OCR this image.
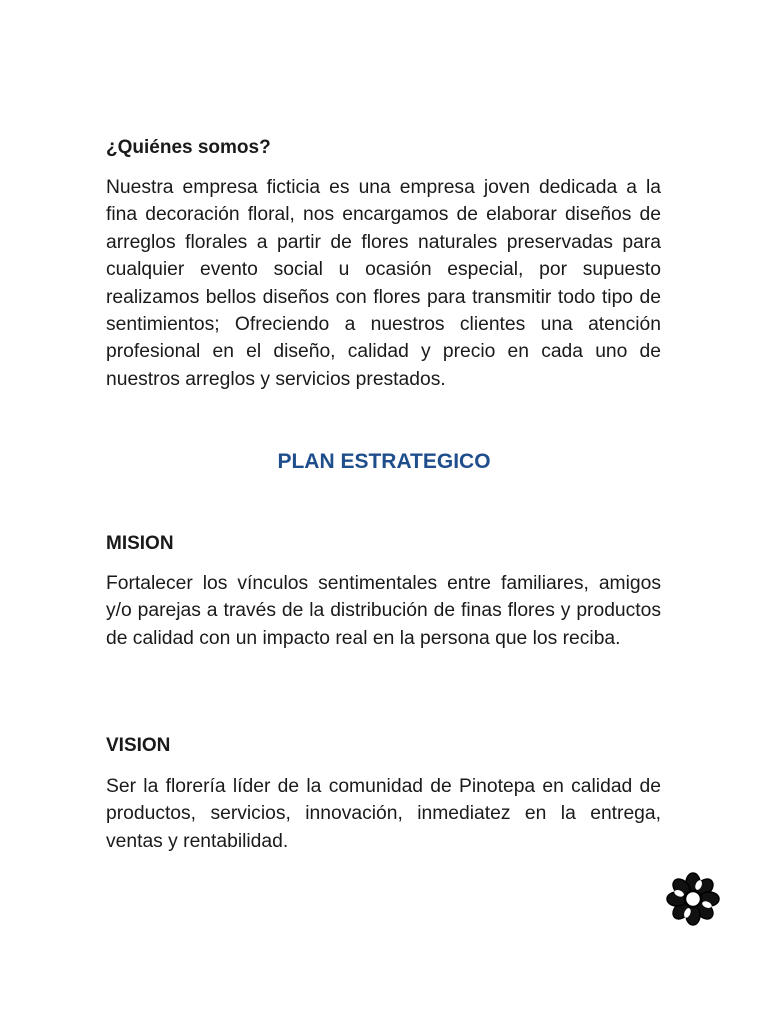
¿Quiénes somos?

Nuestra empresa ficticia es una empresa joven dedicada a la fina decoración floral, nos encargamos de elaborar diseños de arreglos florales a partir de flores naturales preservadas para cualquier evento social u ocasión especial, por supuesto realizamos bellos diseños con flores para transmitir todo tipo de sentimientos; Ofreciendo a nuestros clientes una atención profesional en el diseño, calidad y precio en cada uno de nuestros arreglos y servicios prestados.

PLAN ESTRATEGICO
MISION

Fortalecer los vínculos sentimentales entre familiares, amigos y/o parejas a través de la distribución de finas flores y productos de calidad con un impacto real en la persona que los reciba.

VISION

Ser la florería líder de la comunidad de Pinotepa en calidad de productos, servicios, innovación, inmediatez en la entrega, ventas y rentabilidad.
